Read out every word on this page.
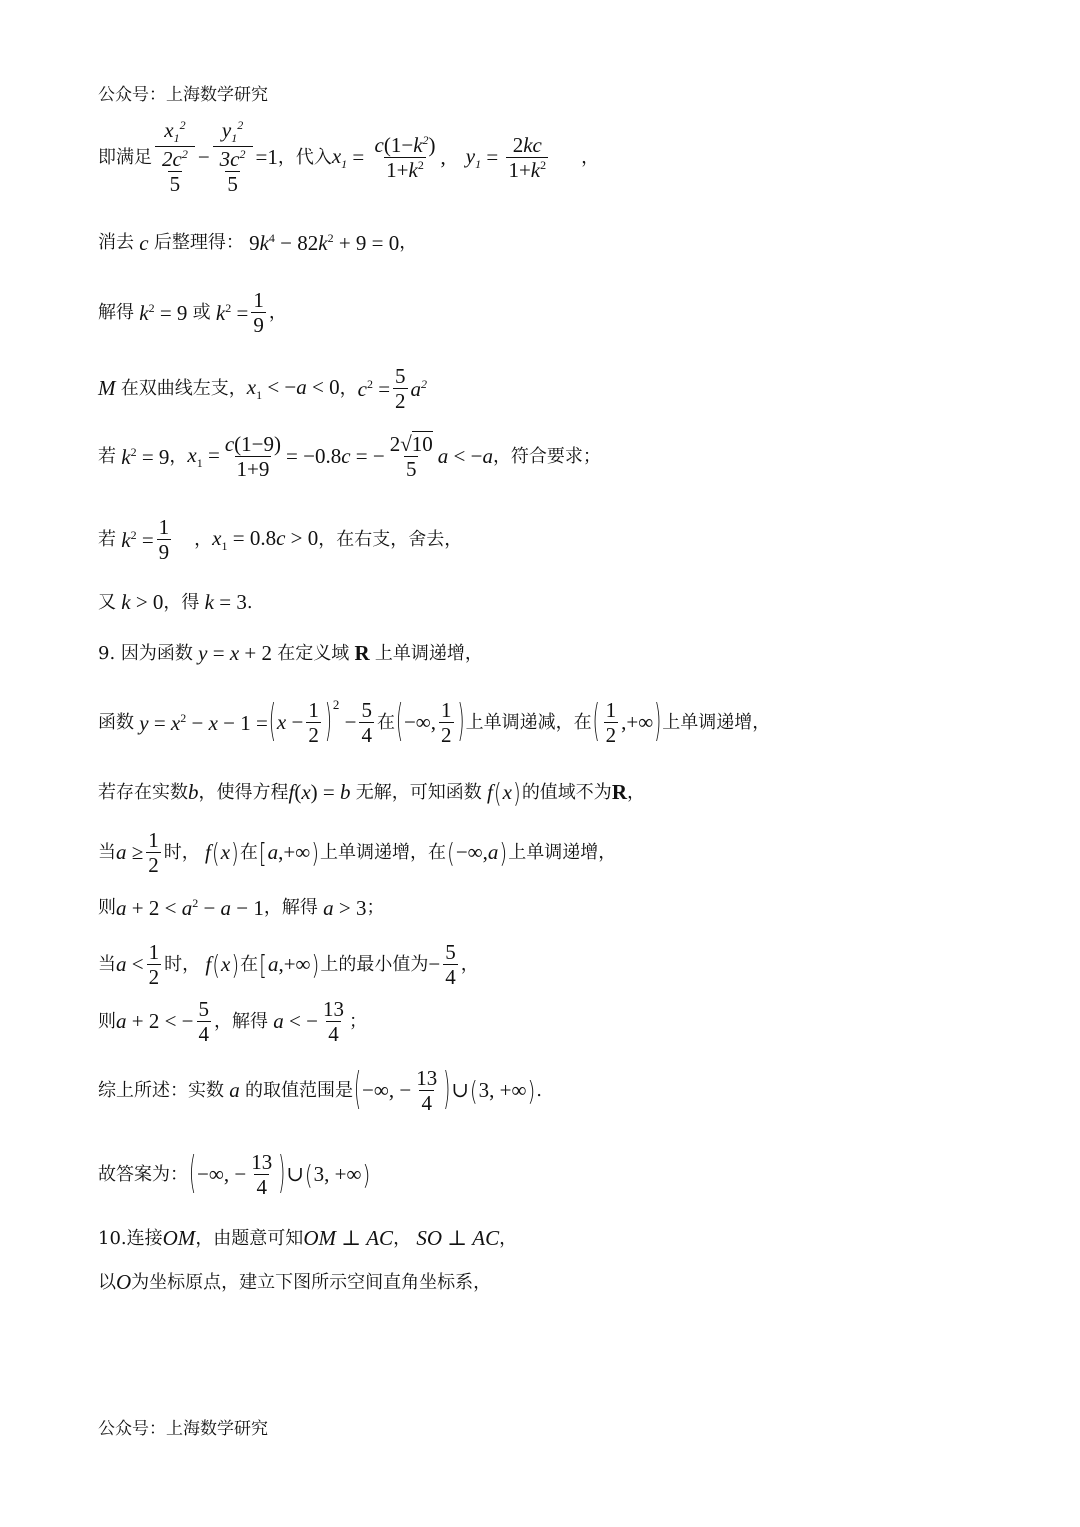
公众号：上海数学研究
即满足 $\frac{x_1^2}{\frac{2c^2}{5}} - \frac{y_1^2}{\frac{3c^2}{5}} =1$ ，代入 $x_1 = \frac{c(1-k^2)}{1+k^2}$ , $y_1 = \frac{2kc}{1+k^2}$ ，
消去 c 后整理得： $9k^4 - 82k^2 + 9 = 0$ ，
解得 $k^2 = 9$ 或 $k^2 = \frac{1}{9}$ ，
M 在双曲线左支， $x_1 < -a < 0$ ， $c^2 = \frac{5}{2} a^2$
若 $k^2 = 9$ ， $x_1 = \frac{c(1-9)}{1+9} = -0.8c$ = − $\frac{2√10}{5}$ a < −a ，符合要求；
若 $k^2 = \frac{1}{9}$ ， $x_1 = 0.8c > 0$ ，在右支，舍去，
又 k > 0 ，得 k = 3 .
9. 因为函数 y = x + 2 在定义域 R 上单调递增，
函数 $y = x^2 - x - 1$ = ( $x - \frac{1}{2}$ ) 2
− $\frac{5}{4}$ 在 ( −∞, $\frac{1}{2}$ ) 上单调递减，在 ( $\frac{1}{2}$ ,+∞ ) 上单调递增，
若存在实数 b ，使得方程 f(x) = b 无解，可知函数 f ( x ) 的值域不为 R ，
当 $a \ge \frac{1}{2}$ 时， f ( x ) 在 [ a,+∞ ) 上单调递增，在 ( −∞,a ) 上单调递增，
则 $a + 2 < a^2 - a - 1$ ，解得 a > 3 ；
当 $a < \frac{1}{2}$ 时， f ( x ) 在 [ a,+∞ ) 上的最小值为 − $\frac{5}{4}$ ，
则 a + 2 < − $\frac{5}{4}$ ，解得 a < − $\frac{13}{4}$ ；
综上所述：实数 a 的取值范围是 ( −∞, − $\frac{13}{4}$ ) ∪ ( 3, +∞ ) .
故答案为： ( −∞, − $\frac{13}{4}$ ) ∪ ( 3, +∞ )
10.连接 OM ，由题意可知 OM ⊥ AC ， SO ⊥ AC ，
以 O 为坐标原点，建立下图所示空间直角坐标系，
公众号：上海数学研究
